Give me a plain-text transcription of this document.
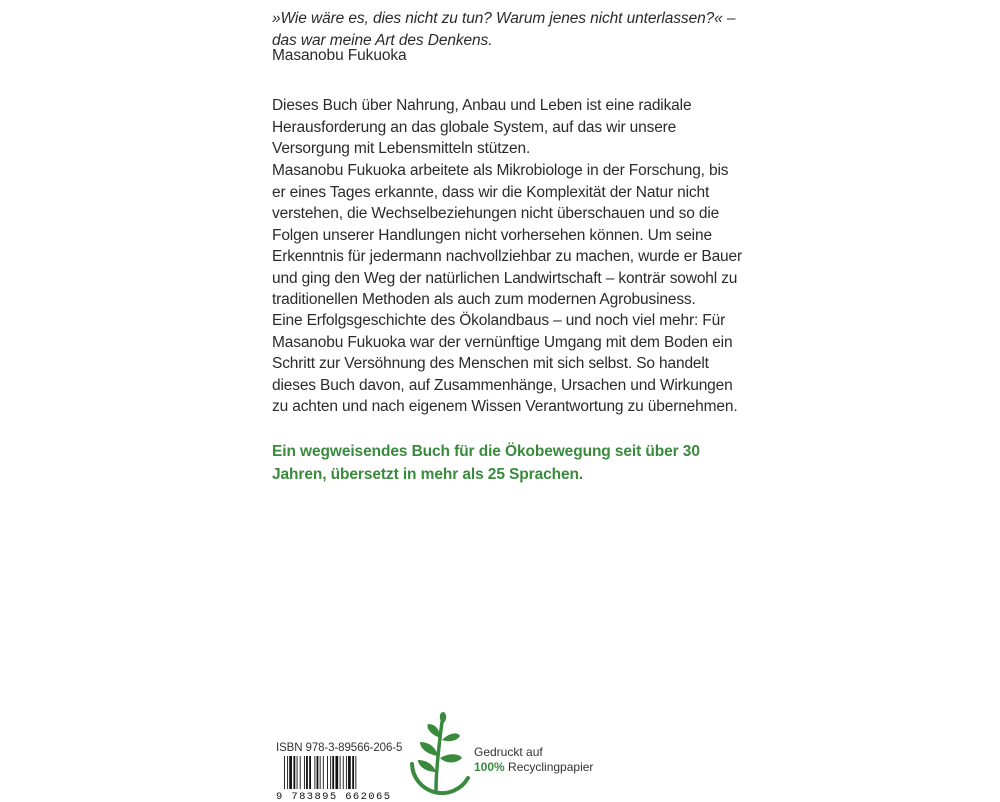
»Wie wäre es, dies nicht zu tun? Warum jenes nicht unterlassen?« –
das war meine Art des Denkens.

Masanobu Fukuoka

Dieses Buch über Nahrung, Anbau und Leben ist eine radikale Herausforderung an das globale System, auf das wir unsere Versorgung mit Lebensmitteln stützen.

Masanobu Fukuoka arbeitete als Mikrobiologe in der Forschung, bis er eines Tages erkannte, dass wir die Komplexität der Natur nicht verstehen, die Wechselbeziehungen nicht überschauen und so die Folgen unserer Handlungen nicht vorhersehen können. Um seine Erkenntnis für jedermann nachvollziehbar zu machen, wurde er Bauer und ging den Weg der natürlichen Landwirtschaft – konträr sowohl zu traditionellen Methoden als auch zum modernen Agrobusiness.

Eine Erfolgsgeschichte des Ökolandbaus – und noch viel mehr: Für Masanobu Fukuoka war der vernünftige Umgang mit dem Boden ein Schritt zur Versöhnung des Menschen mit sich selbst. So handelt dieses Buch davon, auf Zusammenhänge, Ursachen und Wirkungen zu achten und nach eigenem Wissen Verantwortung zu übernehmen.

Ein wegweisendes Buch für die Ökobewegung seit über 30 Jahren, übersetzt in mehr als 25 Sprachen.

ISBN 978-3-89566-206-5
9 783895 662065
Gedruckt auf
100% Recyclingpapier
